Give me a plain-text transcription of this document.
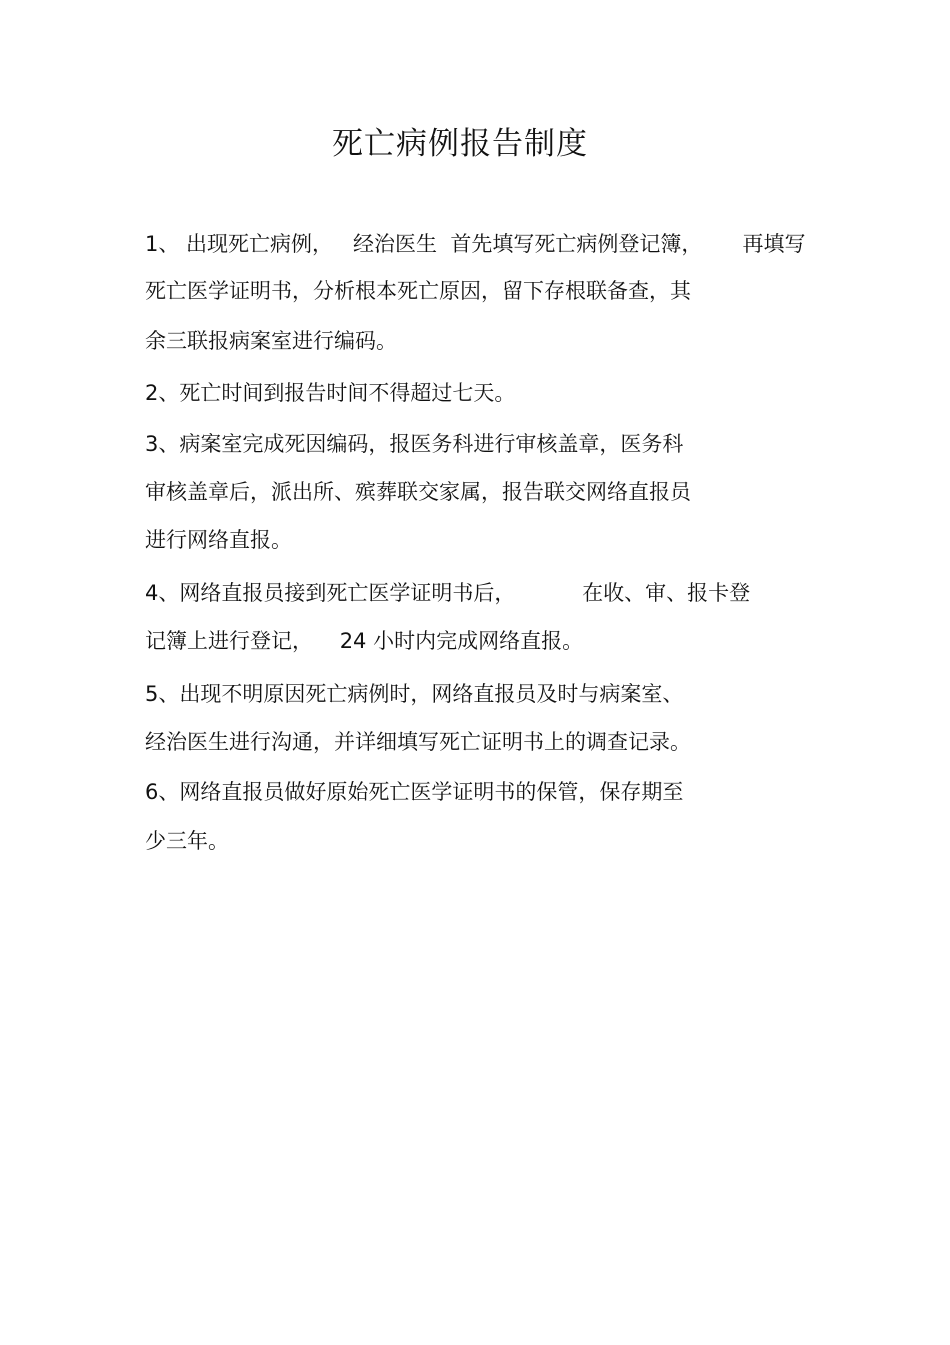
死亡病例报告制度

1、 出现死亡病例，   经治医生  首先填写死亡病例登记簿，      再填写

死亡医学证明书，分析根本死亡原因，留下存根联备查，其

余三联报病案室进行编码。

2、死亡时间到报告时间不得超过七天。

3、病案室完成死因编码，报医务科进行审核盖章，医务科

审核盖章后，派出所、殡葬联交家属，报告联交网络直报员

进行网络直报。

4、网络直报员接到死亡医学证明书后，          在收、审、报卡登

记簿上进行登记，    24 小时内完成网络直报。

5、出现不明原因死亡病例时，网络直报员及时与病案室、

经治医生进行沟通，并详细填写死亡证明书上的调查记录。

6、网络直报员做好原始死亡医学证明书的保管，保存期至

少三年。
